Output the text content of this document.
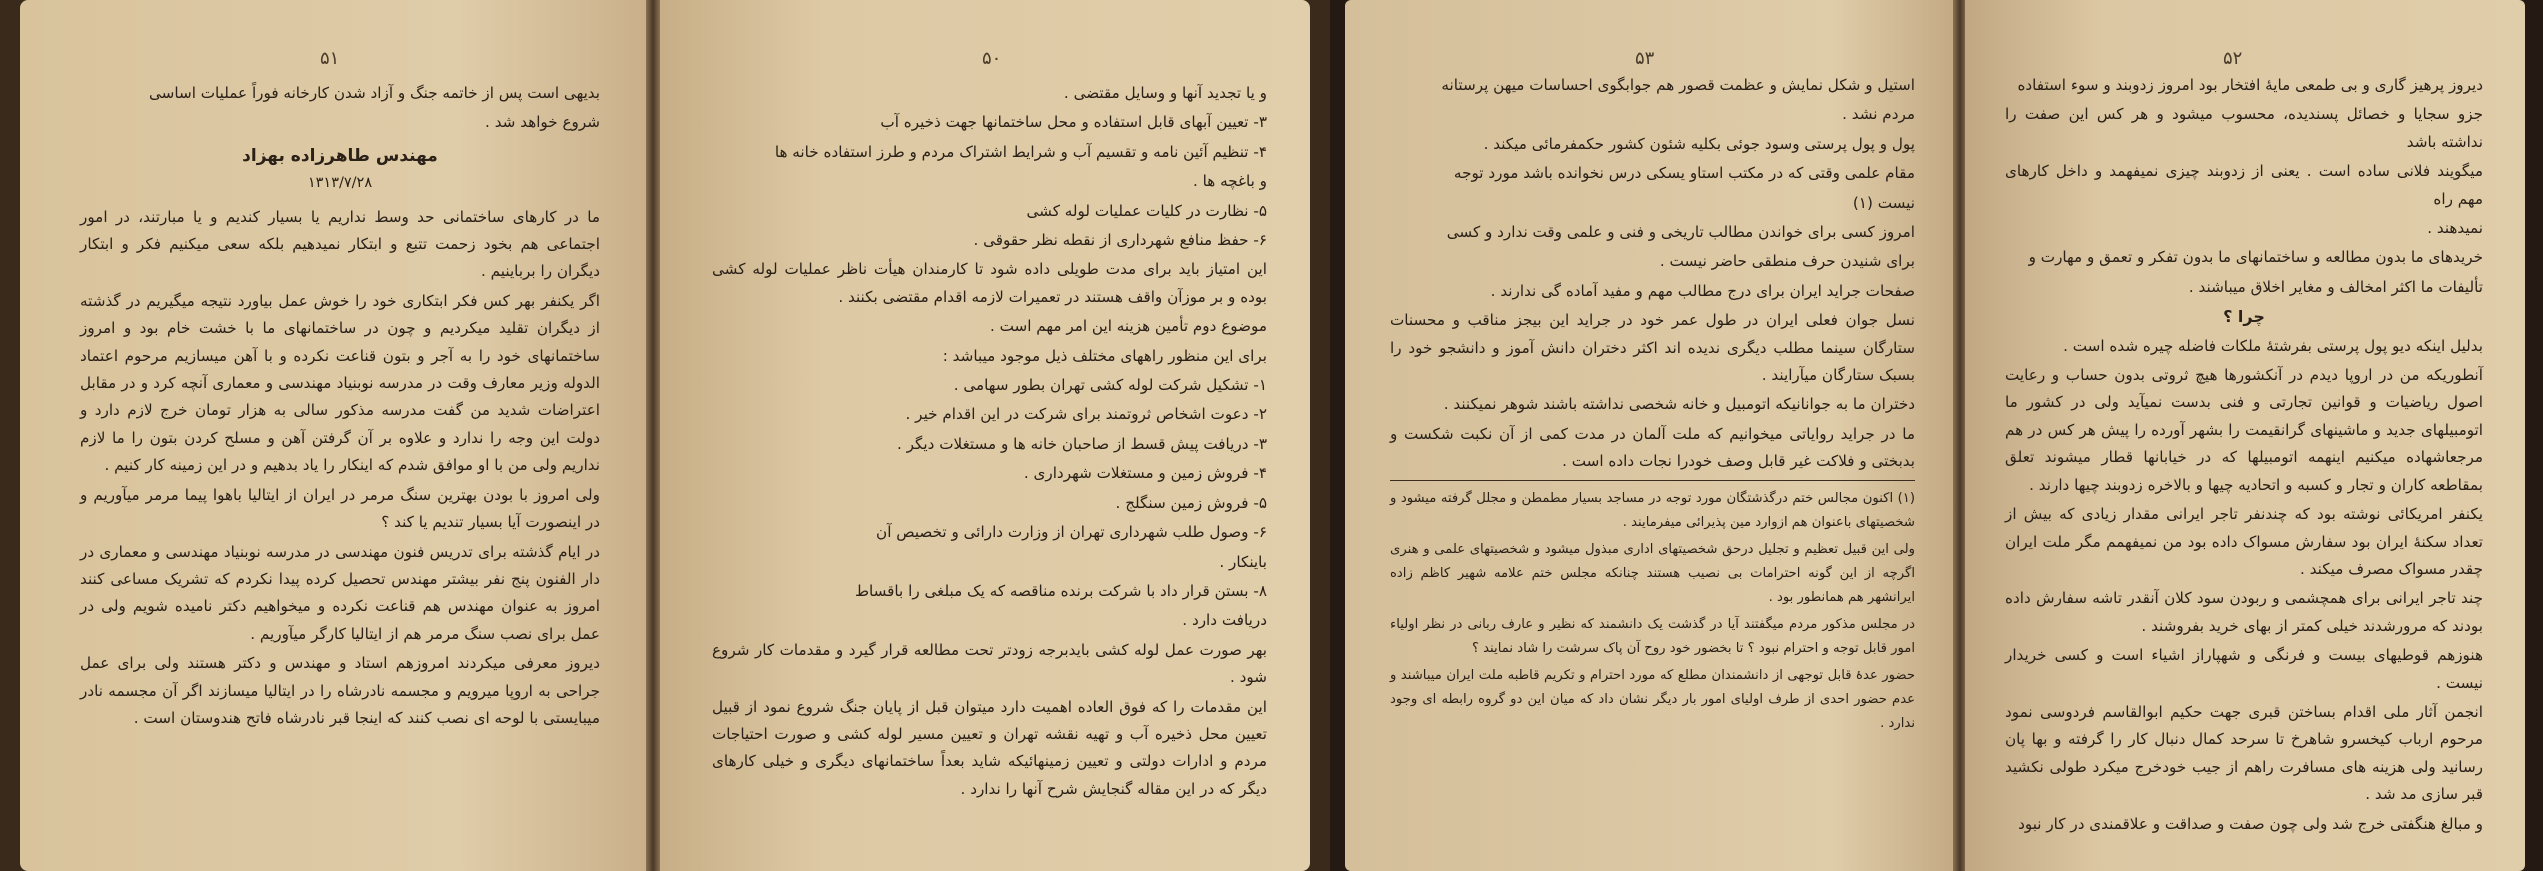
۵۱

بدیهی است پس از خاتمه جنگ و آزاد شدن کارخانه فوراً عملیات اساسی

شروع خواهد شد .

مهندس طاهرزاده بهزاد
۱۳۱۳/۷/۲۸

ما در کارهای ساختمانی حد وسط نداریم یا بسیار کندیم و یا مبارتند، در امور اجتماعی هم بخود زحمت تتبع و ابتکار نمیدهیم بلکه سعی میکنیم فکر و ابتکار دیگران را برباینیم .

اگر یکنفر بهر کس فکر ابتکاری خود را خوش عمل بیاورد نتیجه میگیریم در گذشته از دیگران تقلید میکردیم و چون در ساختمانهای ما با خشت خام بود و امروز ساختمانهای خود را به آجر و بتون قناعت نکرده و با آهن میسازیم مرحوم اعتماد الدوله وزیر معارف وقت در مدرسه نوبنیاد مهندسی و معماری آنچه کرد و در مقابل اعتراضات شدید من گفت مدرسه مذکور سالی به هزار تومان خرج لازم دارد و دولت این وجه را ندارد و علاوه بر آن گرفتن آهن و مسلح کردن بتون را ما لازم نداریم ولی من با او موافق شدم که اینکار را یاد بدهیم و در این زمینه کار کنیم .

ولی امروز با بودن بهترین سنگ مرمر در ایران از ایتالیا باهوا پیما مرمر میآوریم و در اینصورت آیا بسیار تندیم یا کند ؟

در ایام گذشته برای تدریس فنون مهندسی در مدرسه نوبنیاد مهندسی و معماری در دار الفنون پنج نفر بیشتر مهندس تحصیل کرده پیدا نکردم که تشریک مساعی کنند امروز به عنوان مهندس هم قناعت نکرده و میخواهیم دکتر نامیده شویم ولی در عمل برای نصب سنگ مرمر هم از ایتالیا کارگر میآوریم .

دیروز معرفی میکردند امروزهم استاد و مهندس و دکتر هستند ولی برای عمل جراحی به اروپا میرویم و مجسمه نادرشاه را در ایتالیا میسازند اگر آن مجسمه نادر میبایستی با لوحه ای نصب کنند که اینجا قبر نادرشاه فاتح هندوستان است .

۵۰

و یا تجدید آنها و وسایل مقتضی .

۳- تعیین آبهای قابل استفاده و محل ساختمانها جهت ذخیره آب

۴- تنظیم آئین نامه و تقسیم آب و شرایط اشتراک مردم و طرز استفاده خانه ها

و باغچه ها .

۵- نظارت در کلیات عملیات لوله کشی

۶- حفظ منافع شهرداری از نقطه نظر حقوقی .

این امتیاز باید برای مدت طویلی داده شود تا کارمندان هیأت ناظر عملیات لوله کشی بوده و بر موزآن واقف هستند در تعمیرات لازمه اقدام مقتضی بکنند .

موضوع دوم تأمین هزینه این امر مهم است .

برای این منظور راههای مختلف ذیل موجود میباشد :

۱- تشکیل شرکت لوله کشی تهران بطور سهامی .

۲- دعوت اشخاص ثروتمند برای شرکت در این اقدام خیر .

۳- دریافت پیش قسط از صاحبان خانه ها و مستغلات دیگر .

۴- فروش زمین و مستغلات شهرداری .

۵- فروش زمین سنگلج .

۶- وصول طلب شهرداری تهران از وزارت دارائی و تخصیص آن

باینکار .

۸- بستن قرار داد با شرکت برنده مناقصه که یک مبلغی را باقساط

دریافت دارد .

بهر صورت عمل لوله کشی بایدبرجه زودتر تحت مطالعه قرار گیرد و مقدمات کار شروع شود .

این مقدمات را که فوق العاده اهمیت دارد میتوان قبل از پایان جنگ شروع نمود از قبیل تعیین محل ذخیره آب و تهیه نقشه تهران و تعیین مسیر لوله کشی و صورت احتیاجات مردم و ادارات دولتی و تعیین زمینهائیکه شاید بعداً ساختمانهای دیگری و خیلی کارهای دیگر که در این مقاله گنجایش شرح آنها را ندارد .

۵۳

استیل و شکل نمایش و عظمت قصور هم جوابگوی احساسات میهن پرستانه

مردم نشد .

پول و پول پرستی وسود جوئی بکلیه شئون کشور حکمفرمائی میکند .

مقام علمی وقتی که در مکتب استاو یسکی درس نخوانده باشد مورد توجه

نیست (۱)

امروز کسی برای خواندن مطالب تاریخی و فنی و علمی وقت ندارد و کسی

برای شنیدن حرف منطقی حاضر نیست .

صفحات جراید ایران برای درج مطالب مهم و مفید آماده گی ندارند .

نسل جوان فعلی ایران در طول عمر خود در جراید این بیجز مناقب و محسنات ستارگان سینما مطلب دیگری ندیده اند اکثر دختران دانش آموز و دانشجو خود را بسبک ستارگان میآرایند .

دختران ما به جوانانیکه اتومبیل و خانه شخصی نداشته باشند شوهر نمیکنند .

ما در جراید روایاتی میخوانیم که ملت آلمان در مدت کمی از آن نکبت شکست و بدبختی و فلاکت غیر قابل وصف خودرا نجات داده است .

(۱) اکنون مجالس ختم درگذشتگان مورد توجه در مساجد بسیار مطمطن و مجلل گرفته میشود و شخصیتهای باعنوان هم ازوارد مین پذیرائی میفرمایند .

ولی این قبیل تعظیم و تجلیل درحق شخصیتهای اداری مبذول میشود و شخصیتهای علمی و هنری اگرچه از این گونه احترامات بی نصیب هستند چنانکه مجلس ختم علامه شهیر کاظم زاده ایرانشهر هم همانطور بود .

در مجلس مذکور مردم میگفتند آیا در گذشت یک دانشمند که نظیر و عارف ربانی در نظر اولیاء امور قابل توجه و احترام نبود ؟ تا بخضور خود روح آن پاک سرشت را شاد نمایند ؟

حضور عدۀ قابل توجهی از دانشمندان مطلع که مورد احترام و تکریم قاطبه ملت ایران میباشند و عدم حضور احدی از طرف اولیای امور بار دیگر نشان داد که میان این دو گروه رابطه ای وجود ندارد .

۵۲

دیروز پرهیز گاری و بی طمعی مایۀ افتخار بود امروز زدوبند و سوء استفاده

جزو سجایا و خصائل پسندیده، محسوب میشود و هر کس این صفت را نداشته باشد

میگویند فلانی ساده است . یعنی از زدوبند چیزی نمیفهمد و داخل کارهای مهم راه

نمیدهند .

خریدهای ما بدون مطالعه و ساختمانهای ما بدون تفکر و تعمق و مهارت و

تألیفات ما اکثر امخالف و مغایر اخلاق میباشند .

چرا ؟

بدلیل اینکه دیو پول پرستی بفرشتۀ ملکات فاضله چیره شده است .

آنطوریکه من در اروپا دیدم در آنکشورها هیچ ثروتی بدون حساب و رعایت اصول ریاضیات و قوانین تجارتی و فنی بدست نمیآید ولی در کشور ما اتومبیلهای جدید و ماشینهای گرانقیمت را بشهر آورده را پیش هر کس در هم مرجعاشهاده میکنیم اینهمه اتومبیلها که در خیابانها قطار میشوند تعلق بمقاطعه کاران و تجار و کسبه و اتحادیه چیها و بالاخره زدوبند چیها دارند .

یکنفر امریکائی نوشته بود که چندنفر تاجر ایرانی مقدار زیادی که بیش از تعداد سکنۀ ایران بود سفارش مسواک داده بود من نمیفهمم مگر ملت ایران چقدر مسواک مصرف میکند .

چند تاجر ایرانی برای همچشمی و ربودن سود کلان آنقدر تاشه سفارش داده بودند که مرورشدند خیلی کمتر از بهای خرید بفروشند .

هنوزهم قوطیهای بیست و فرنگی و شهپاراز اشیاء است و کسی خریدار نیست .

انجمن آثار ملی اقدام بساختن قبری جهت حکیم ابوالقاسم فردوسی نمود مرحوم ارباب کیخسرو شاهرخ تا سرحد کمال دنبال کار را گرفته و بها پان رسانید ولی هزینه های مسافرت راهم از جیب خودخرج میکرد طولی نکشید قبر سازی مد شد .

و مبالغ هنگفتی خرج شد ولی چون صفت و صداقت و علاقمندی در کار نبود
